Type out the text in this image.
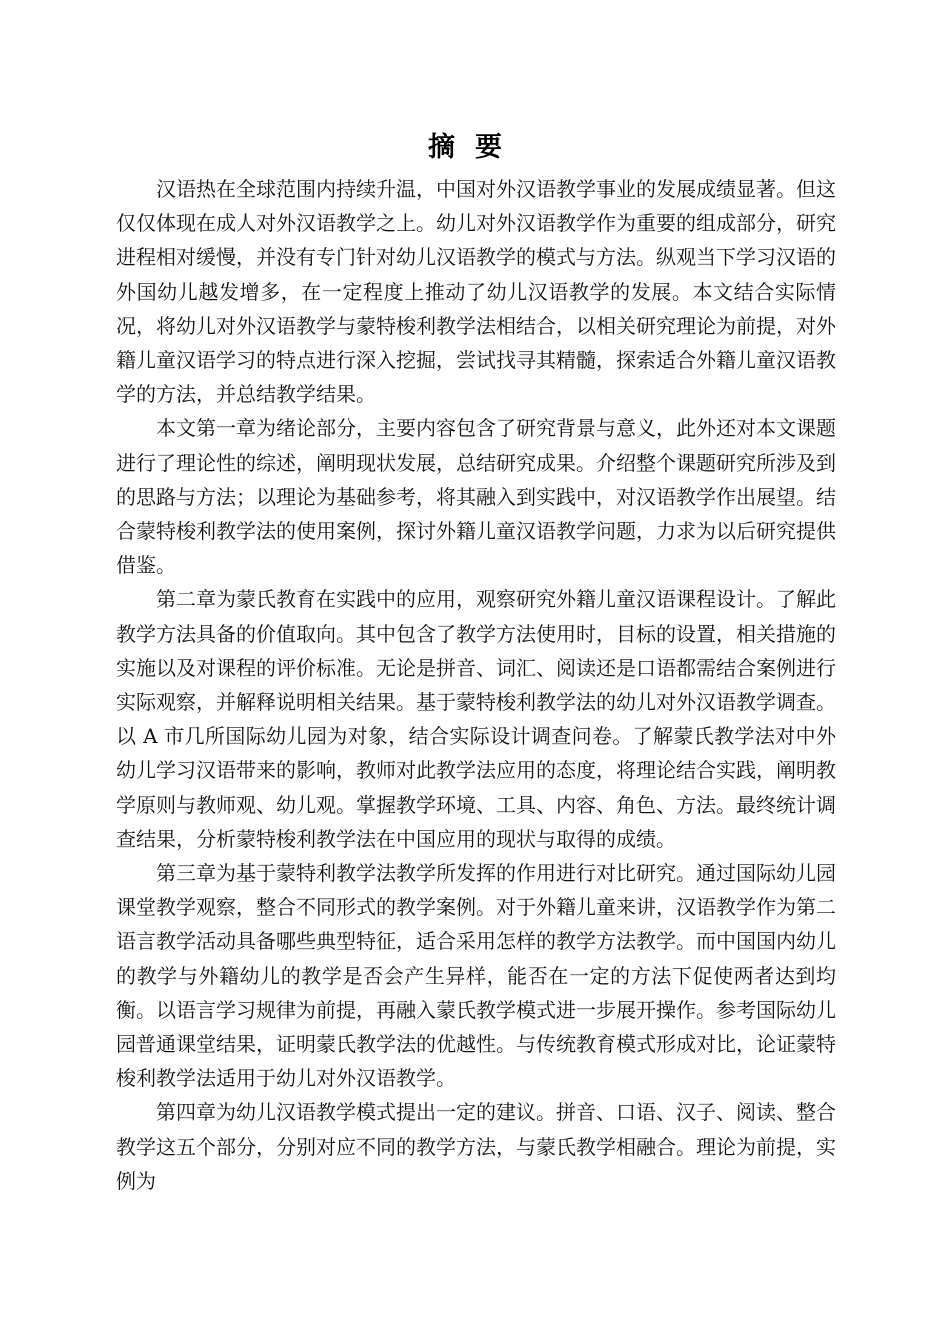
摘要

汉语热在全球范围内持续升温，中国对外汉语教学事业的发展成绩显著。但这仅仅体现在成人对外汉语教学之上。幼儿对外汉语教学作为重要的组成部分，研究进程相对缓慢，并没有专门针对幼儿汉语教学的模式与方法。纵观当下学习汉语的外国幼儿越发增多，在一定程度上推动了幼儿汉语教学的发展。本文结合实际情况，将幼儿对外汉语教学与蒙特梭利教学法相结合，以相关研究理论为前提，对外籍儿童汉语学习的特点进行深入挖掘，尝试找寻其精髓，探索适合外籍儿童汉语教学的方法，并总结教学结果。

本文第一章为绪论部分，主要内容包含了研究背景与意义，此外还对本文课题进行了理论性的综述，阐明现状发展，总结研究成果。介绍整个课题研究所涉及到的思路与方法；以理论为基础参考，将其融入到实践中，对汉语教学作出展望。结合蒙特梭利教学法的使用案例，探讨外籍儿童汉语教学问题，力求为以后研究提供借鉴。

第二章为蒙氏教育在实践中的应用，观察研究外籍儿童汉语课程设计。了解此教学方法具备的价值取向。其中包含了教学方法使用时，目标的设置，相关措施的实施以及对课程的评价标准。无论是拼音、词汇、阅读还是口语都需结合案例进行实际观察，并解释说明相关结果。基于蒙特梭利教学法的幼儿对外汉语教学调查。以 A 市几所国际幼儿园为对象，结合实际设计调查问卷。了解蒙氏教学法对中外幼儿学习汉语带来的影响，教师对此教学法应用的态度，将理论结合实践，阐明教学原则与教师观、幼儿观。掌握教学环境、工具、内容、角色、方法。最终统计调查结果，分析蒙特梭利教学法在中国应用的现状与取得的成绩。

第三章为基于蒙特利教学法教学所发挥的作用进行对比研究。通过国际幼儿园课堂教学观察，整合不同形式的教学案例。对于外籍儿童来讲，汉语教学作为第二语言教学活动具备哪些典型特征，适合采用怎样的教学方法教学。而中国国内幼儿的教学与外籍幼儿的教学是否会产生异样，能否在一定的方法下促使两者达到均衡。以语言学习规律为前提，再融入蒙氏教学模式进一步展开操作。参考国际幼儿园普通课堂结果，证明蒙氏教学法的优越性。与传统教育模式形成对比，论证蒙特梭利教学法适用于幼儿对外汉语教学。

第四章为幼儿汉语教学模式提出一定的建议。拼音、口语、汉子、阅读、整合教学这五个部分，分别对应不同的教学方法，与蒙氏教学相融合。理论为前提，实例为
